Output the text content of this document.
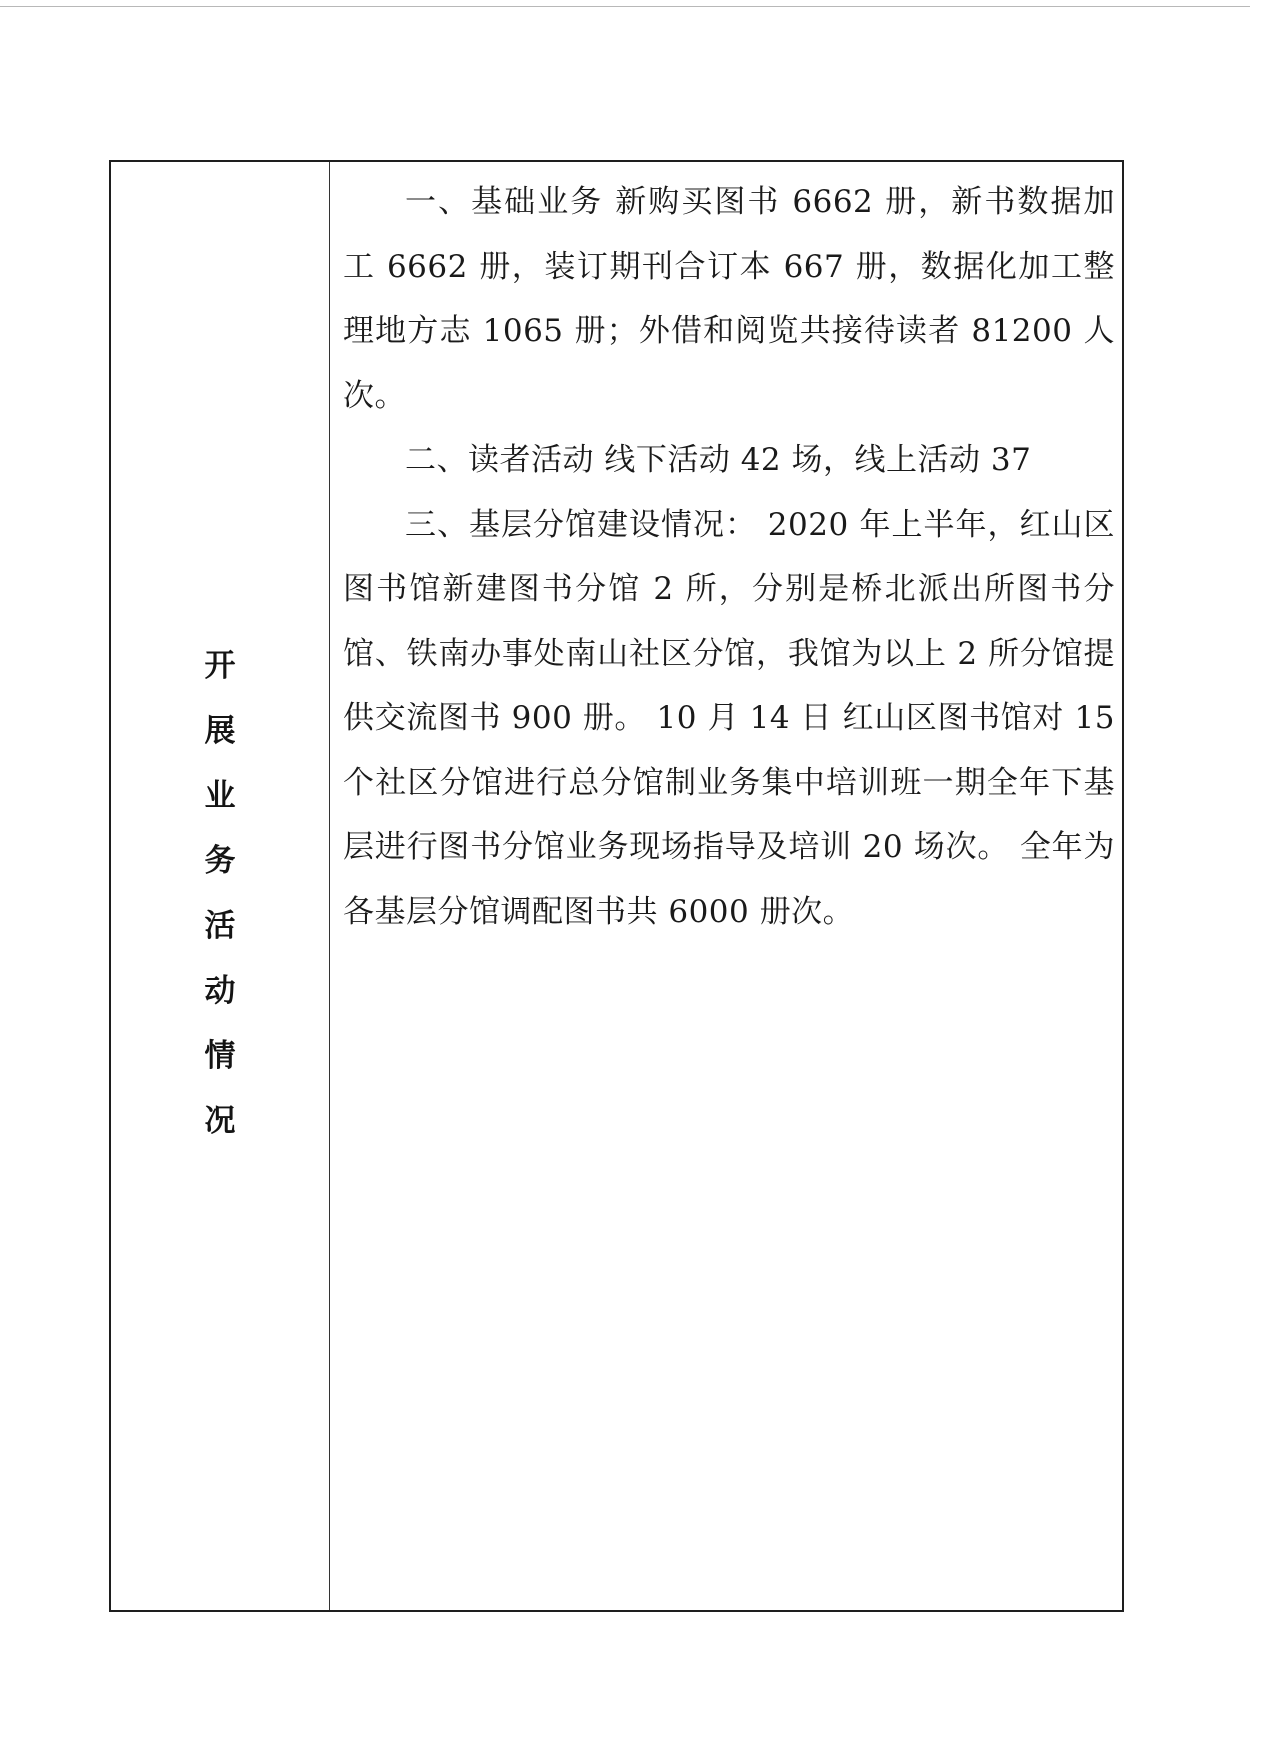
开
展
业
务
活
动
情
况

一、基础业务 新购买图书 6662 册，新书数据加工 6662 册，装订期刊合订本 667 册，数据化加工整理地方志 1065 册；外借和阅览共接待读者 81200 人次。

二、读者活动 线下活动 42 场，线上活动 37

三、基层分馆建设情况： 2020 年上半年，红山区图书馆新建图书分馆 2 所，分别是桥北派出所图书分馆、铁南办事处南山社区分馆，我馆为以上 2 所分馆提供交流图书 900 册。 10 月 14 日 红山区图书馆对 15 个社区分馆进行总分馆制业务集中培训班一期全年下基层进行图书分馆业务现场指导及培训 20 场次。 全年为各基层分馆调配图书共 6000 册次。
